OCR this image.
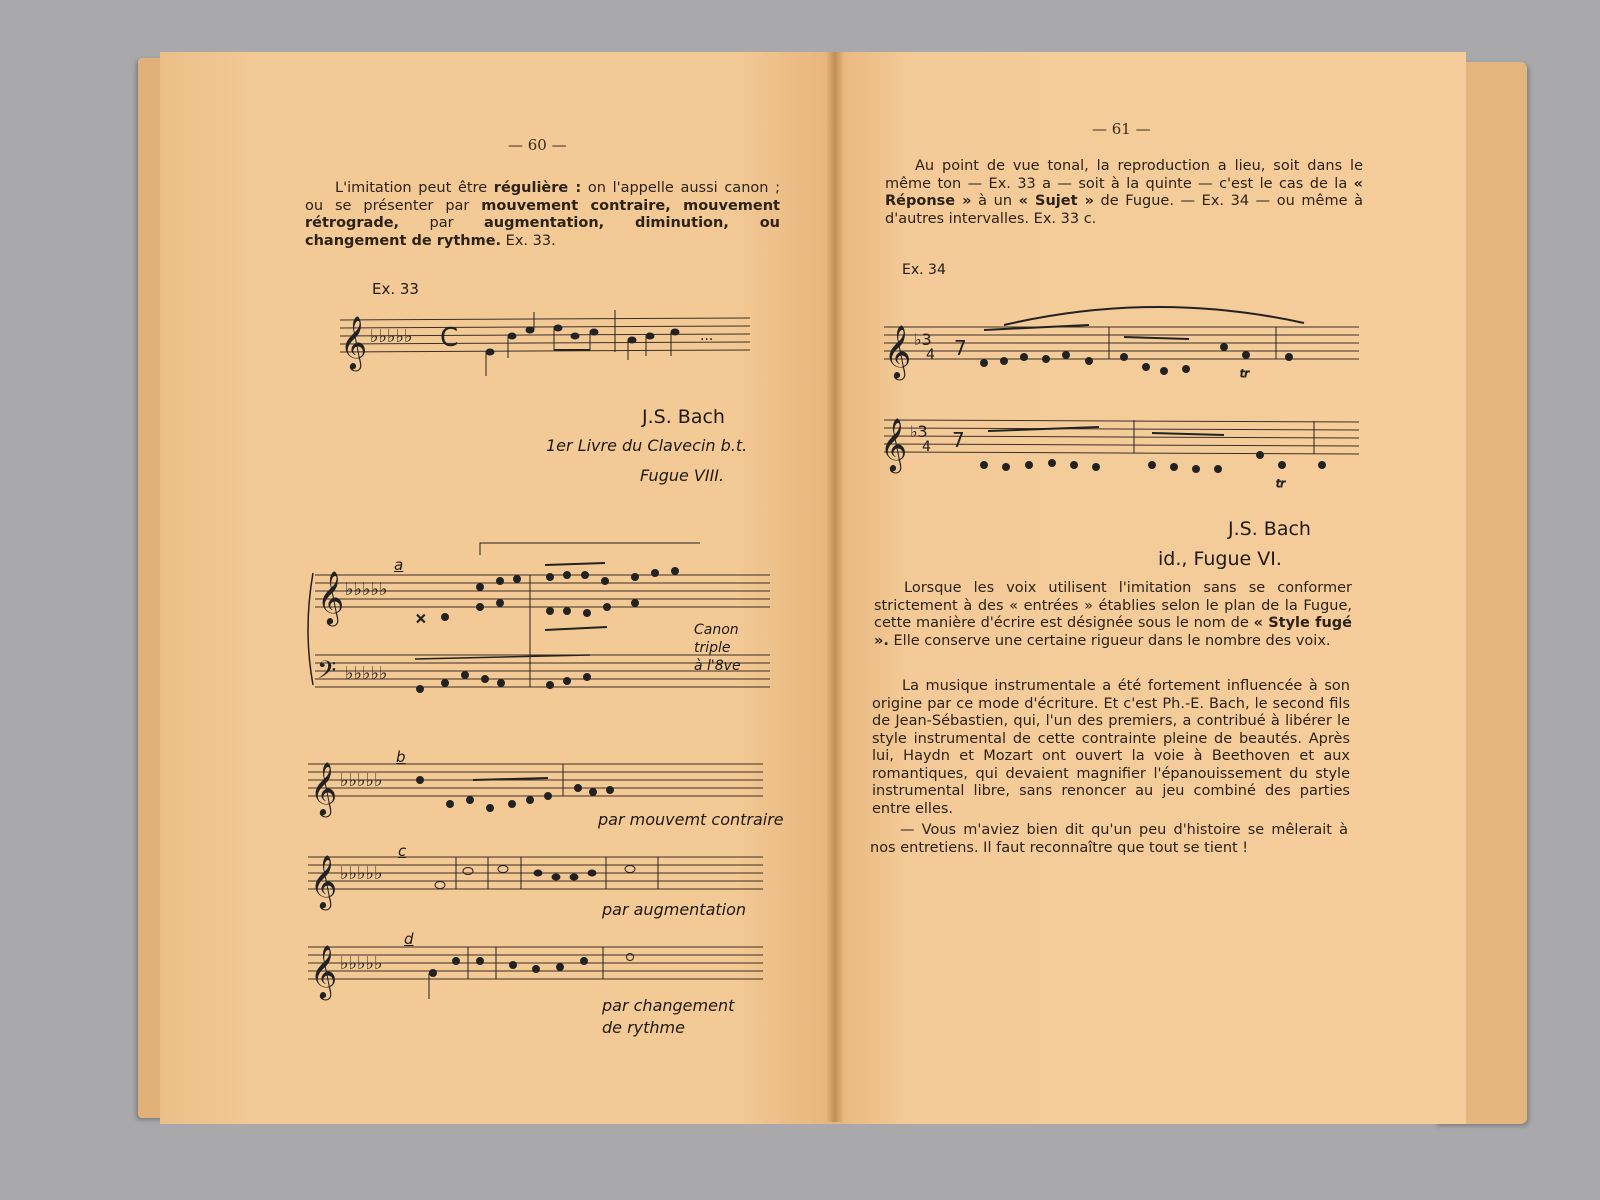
— 60 —
L'imitation peut être régulière : on l'appelle aussi canon ; ou se présenter par mouvement contraire, mouvement rétrograde, par augmentation, diminution, ou changement de rythme. Ex. 33.
Ex. 33
𝄞 ♭♭♭♭♭ C	...
J.S. Bach
1er Livre du Clavecin b.t.
Fugue VIII.
a
𝄞
𝄢
♭♭♭♭♭
♭♭♭♭♭
×
Canon
triple
à l'8ve
b
𝄞 ♭♭♭♭♭
par mouvemt contraire
c
𝄞 ♭♭♭♭♭
par augmentation
d
𝄞 ♭♭♭♭♭
par changement
de rythme
— 61 —
Au point de vue tonal, la reproduction a lieu, soit dans le même ton — Ex. 33 a — soit à la quinte — c'est le cas de la « Réponse » à un « Sujet » de Fugue. — Ex. 34 — ou même à d'autres intervalles. Ex. 33 c.
Ex. 34
𝄞 ♭3
4 7
tr
𝄞 ♭3
4 7
tr
J.S. Bach
id., Fugue VI.
Lorsque les voix utilisent l'imitation sans se conformer strictement à des « entrées » établies selon le plan de la Fugue, cette manière d'écrire est désignée sous le nom de « Style fugé ». Elle conserve une certaine rigueur dans le nombre des voix.
La musique instrumentale a été fortement influencée à son origine par ce mode d'écriture. Et c'est Ph.-E. Bach, le second fils de Jean-Sébastien, qui, l'un des premiers, a contribué à libérer le style instrumental de cette contrainte pleine de beautés. Après lui, Haydn et Mozart ont ouvert la voie à Beethoven et aux romantiques, qui devaient magnifier l'épanouissement du style instrumental libre, sans renoncer au jeu combiné des parties entre elles.
— Vous m'aviez bien dit qu'un peu d'histoire se mêlerait à nos entretiens. Il faut reconnaître que tout se tient !
